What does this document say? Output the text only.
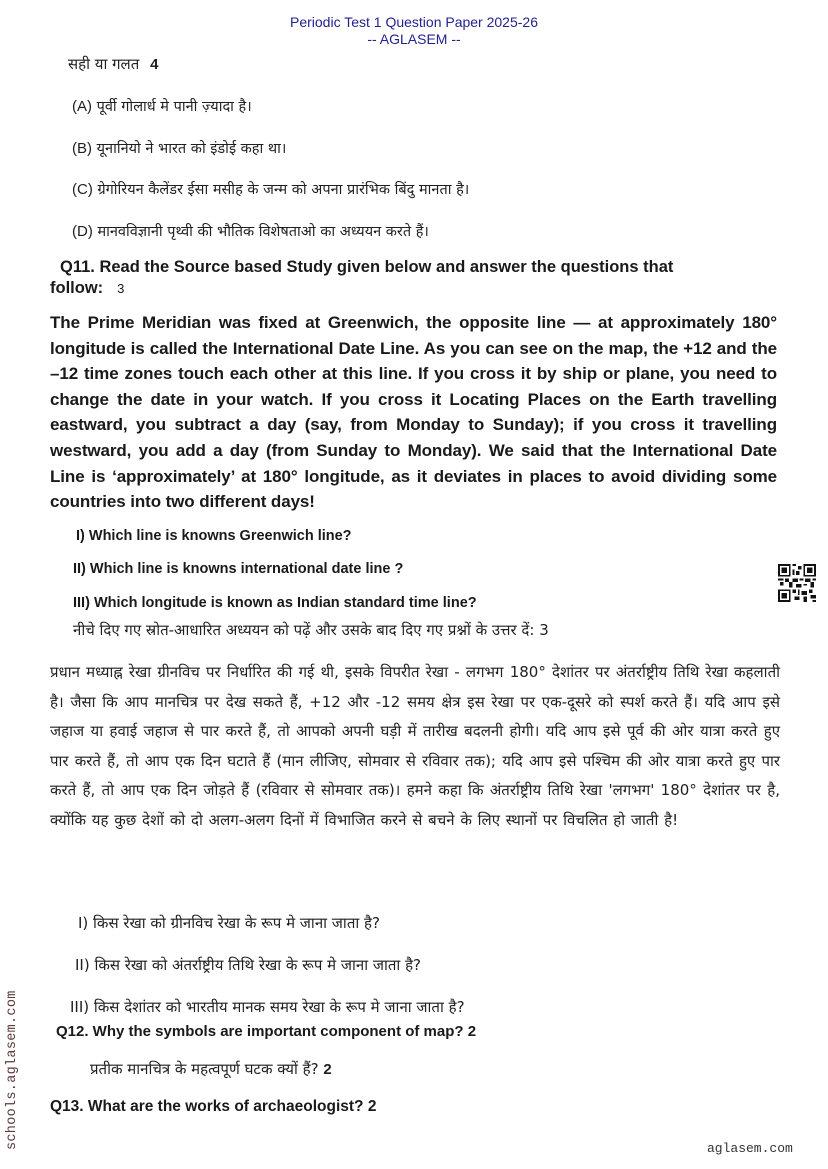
Periodic Test 1 Question Paper 2025-26
-- AGLASEM --
सही या गलत 4
(A) पूर्वी गोलार्ध मे पानी ज़्यादा है।
(B) यूनानियो ने भारत को इंडोई कहा था।
(C) ग्रेगोरियन कैलेंडर ईसा मसीह के जन्म को अपना प्रारंभिक बिंदु मानता है।
(D) मानवविज्ञानी पृथ्वी की भौतिक विशेषताओ का अध्ययन करते हैं।
Q11. Read the Source based Study given below and answer the questions that
follow: 3
The Prime Meridian was fixed at Greenwich, the opposite line — at approximately 180° longitude is called the International Date Line. As you can see on the map, the +12 and the –12 time zones touch each other at this line. If you cross it by ship or plane, you need to change the date in your watch. If you cross it Locating Places on the Earth travelling eastward, you subtract a day (say, from Monday to Sunday); if you cross it travelling westward, you add a day (from Sunday to Monday). We said that the International Date Line is ‘approximately’ at 180° longitude, as it deviates in places to avoid dividing some countries into two different days!
I) Which line is knowns Greenwich line?
II) Which line is knowns international date line ?
III) Which longitude is known as Indian standard time line?
नीचे दिए गए स्रोत-आधारित अध्ययन को पढ़ें और उसके बाद दिए गए प्रश्नों के उत्तर दें: 3
प्रधान मध्याह्न रेखा ग्रीनविच पर निर्धारित की गई थी, इसके विपरीत रेखा - लगभग 180° देशांतर पर अंतर्राष्ट्रीय तिथि रेखा कहलाती है। जैसा कि आप मानचित्र पर देख सकते हैं, +12 और -12 समय क्षेत्र इस रेखा पर एक-दूसरे को स्पर्श करते हैं। यदि आप इसे जहाज या हवाई जहाज से पार करते हैं, तो आपको अपनी घड़ी में तारीख बदलनी होगी। यदि आप इसे पूर्व की ओर यात्रा करते हुए पार करते हैं, तो आप एक दिन घटाते हैं (मान लीजिए, सोमवार से रविवार तक); यदि आप इसे पश्चिम की ओर यात्रा करते हुए पार करते हैं, तो आप एक दिन जोड़ते हैं (रविवार से सोमवार तक)। हमने कहा कि अंतर्राष्ट्रीय तिथि रेखा 'लगभग' 180° देशांतर पर है, क्योंकि यह कुछ देशों को दो अलग-अलग दिनों में विभाजित करने से बचने के लिए स्थानों पर विचलित हो जाती है!
I) किस रेखा को ग्रीनविच रेखा के रूप मे जाना जाता है?
II) किस रेखा को अंतर्राष्ट्रीय तिथि रेखा के रूप मे जाना जाता है?
III) किस देशांतर को भारतीय मानक समय रेखा के रूप मे जाना जाता है?
Q12. Why the symbols are important component of map? 2
प्रतीक मानचित्र के महत्वपूर्ण घटक क्यों हैं? 2
Q13. What are the works of archaeologist? 2
schools.aglasem.com	aglasem.com
